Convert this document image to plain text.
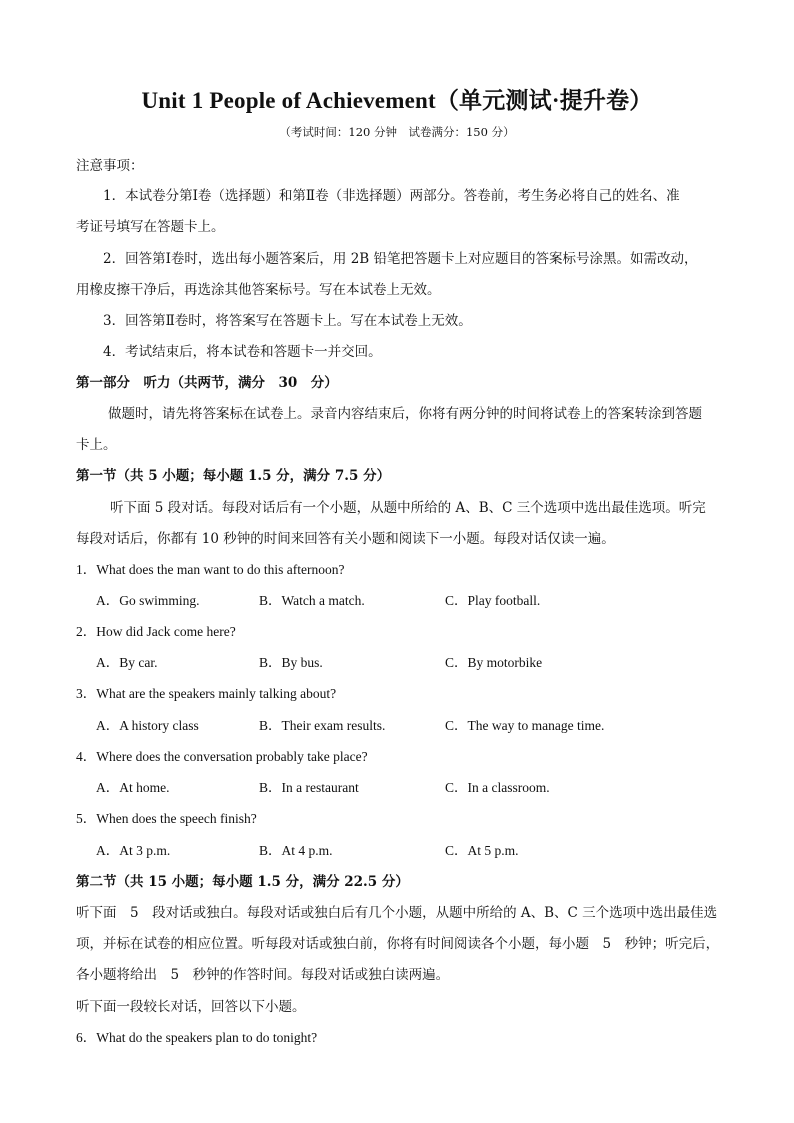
Unit 1 People of Achievement（单元测试·提升卷）

（考试时间：120 分钟　试卷满分：150 分）

注意事项：
1．本试卷分第Ⅰ卷（选择题）和第Ⅱ卷（非选择题）两部分。答卷前，考生务必将自己的姓名、准
考证号填写在答题卡上。
2．回答第Ⅰ卷时，选出每小题答案后，用 2B 铅笔把答题卡上对应题目的答案标号涂黑。如需改动，
用橡皮擦干净后，再选涂其他答案标号。写在本试卷上无效。
3．回答第Ⅱ卷时，将答案写在答题卡上。写在本试卷上无效。
4．考试结束后，将本试卷和答题卡一并交回。
第一部分　听力（共两节，满分　30　分）
做题时，请先将答案标在试卷上。录音内容结束后，你将有两分钟的时间将试卷上的答案转涂到答题
卡上。
第一节（共 5 小题；每小题 1.5 分，满分 7.5 分）
听下面 5 段对话。每段对话后有一个小题，从题中所给的 A、B、C 三个选项中选出最佳选项。听完
每段对话后，你都有 10 秒钟的时间来回答有关小题和阅读下一小题。每段对话仅读一遍。
1．What does the man want to do this afternoon?
A．Go swimming.	B．Watch a match.	C．Play football.
2．How did Jack come here?
A．By car.	B．By bus.	C．By motorbike
3．What are the speakers mainly talking about?
A．A history class	B．Their exam results.	C．The way to manage time.
4．Where does the conversation probably take place?
A．At home.	B．In a restaurant	C．In a classroom.
5．When does the speech finish?
A．At 3 p.m.	B．At 4 p.m.	C．At 5 p.m.
第二节（共 15 小题；每小题 1.5 分，满分 22.5 分）
听下面　5　段对话或独白。每段对话或独白后有几个小题，从题中所给的 A、B、C 三个选项中选出最佳选
项，并标在试卷的相应位置。听每段对话或独白前，你将有时间阅读各个小题，每小题　5　秒钟；听完后，
各小题将给出　5　秒钟的作答时间。每段对话或独白读两遍。
听下面一段较长对话，回答以下小题。
6．What do the speakers plan to do tonight?
